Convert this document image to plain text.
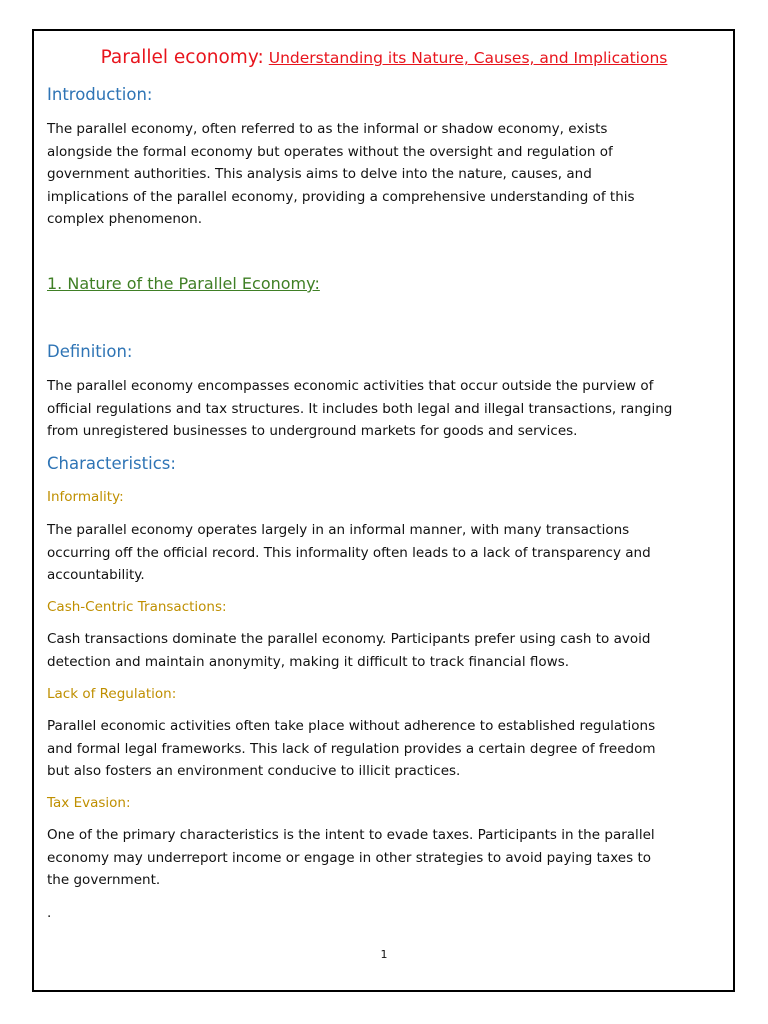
Parallel economy: Understanding its Nature, Causes, and Implications
Introduction:
The parallel economy, often referred to as the informal or shadow economy, exists
alongside the formal economy but operates without the oversight and regulation of
government authorities. This analysis aims to delve into the nature, causes, and
implications of the parallel economy, providing a comprehensive understanding of this
complex phenomenon.
1. Nature of the Parallel Economy:
Definition:
The parallel economy encompasses economic activities that occur outside the purview of
official regulations and tax structures. It includes both legal and illegal transactions, ranging
from unregistered businesses to underground markets for goods and services.
Characteristics:
Informality:
The parallel economy operates largely in an informal manner, with many transactions
occurring off the official record. This informality often leads to a lack of transparency and
accountability.
Cash-Centric Transactions:
Cash transactions dominate the parallel economy. Participants prefer using cash to avoid
detection and maintain anonymity, making it difficult to track financial flows.
Lack of Regulation:
Parallel economic activities often take place without adherence to established regulations
and formal legal frameworks. This lack of regulation provides a certain degree of freedom
but also fosters an environment conducive to illicit practices.
Tax Evasion:
One of the primary characteristics is the intent to evade taxes. Participants in the parallel
economy may underreport income or engage in other strategies to avoid paying taxes to
the government.
.
1
